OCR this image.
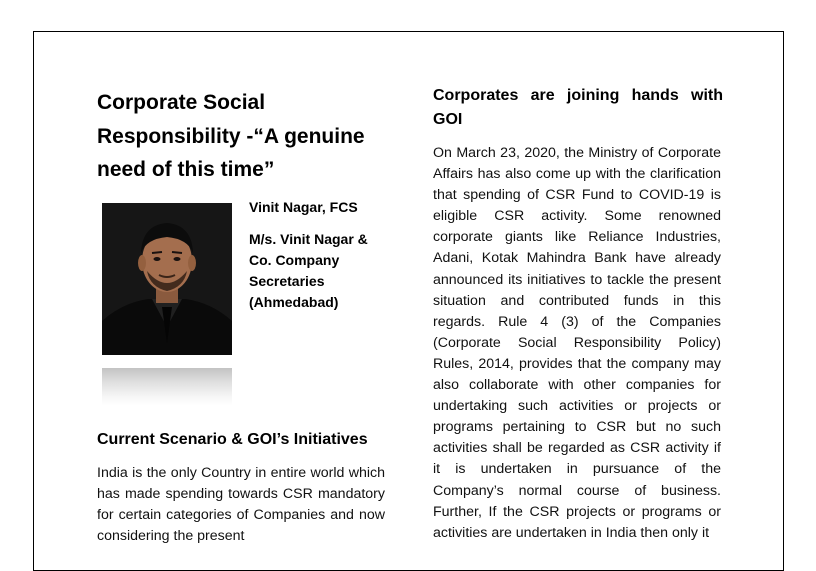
Corporate Social Responsibility -“A genuine need of this time”

Vinit Nagar, FCS

M/s. Vinit Nagar & Co. Company Secretaries (Ahmedabad)

Current Scenario & GOI’s Initiatives

India is the only Country in entire world which has made spending towards CSR mandatory for certain categories of Companies and now considering the present

Corporates are joining hands with GOI

On March 23, 2020, the Ministry of Corporate Affairs has also come up with the clarification that spending of CSR Fund to COVID-19 is eligible CSR activity. Some renowned corporate giants like Reliance Industries, Adani, Kotak Mahindra Bank have already announced its initiatives to tackle the present situation and contributed funds in this regards. Rule 4 (3) of the Companies (Corporate Social Responsibility Policy) Rules, 2014, provides that the company may also collaborate with other companies for undertaking such activities or projects or programs pertaining to CSR but no such activities shall be regarded as CSR activity if it is undertaken in pursuance of the Company’s normal course of business. Further, If the CSR projects or programs or activities are undertaken in India then only it
